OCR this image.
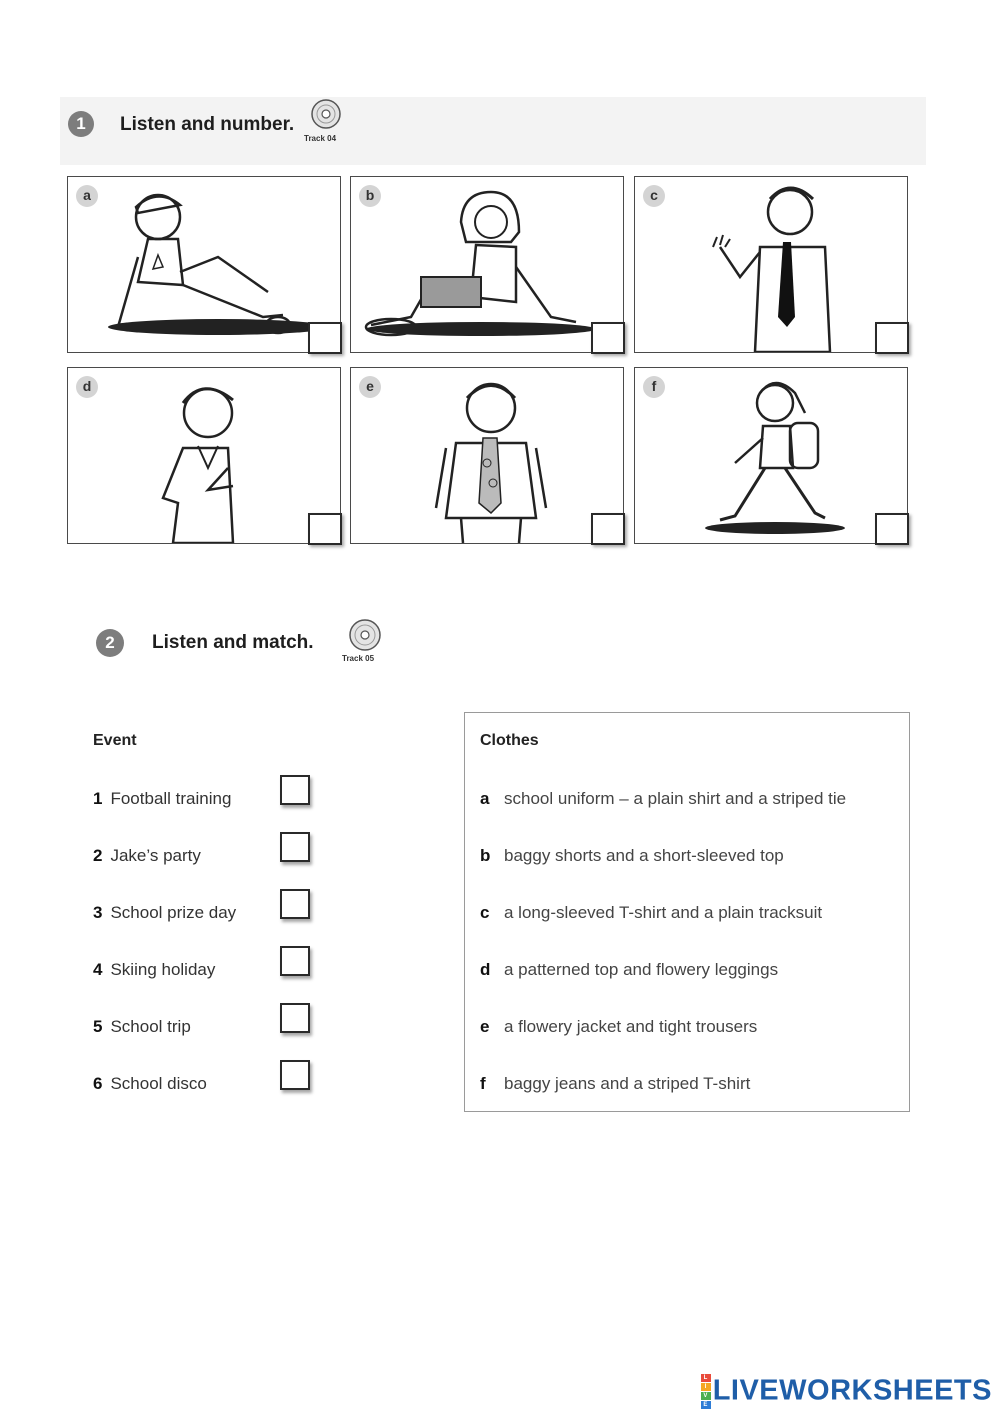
1	Listen and number.
Track 04
a	b	c
d	e	f
2	Listen and match.
Track 05
Event
1 Football training
2 Jake’s party
3 School prize day
4 Skiing holiday
5 School trip
6 School disco
Clothes
a school uniform – a plain shirt and a striped tie
b baggy shorts and a short-sleeved top
c a long-sleeved T-shirt and a plain tracksuit
d a patterned top and flowery leggings
e a flowery jacket and tight trousers
f baggy jeans and a striped T-shirt
L
I
V
E LIVEWORKSHEETS
